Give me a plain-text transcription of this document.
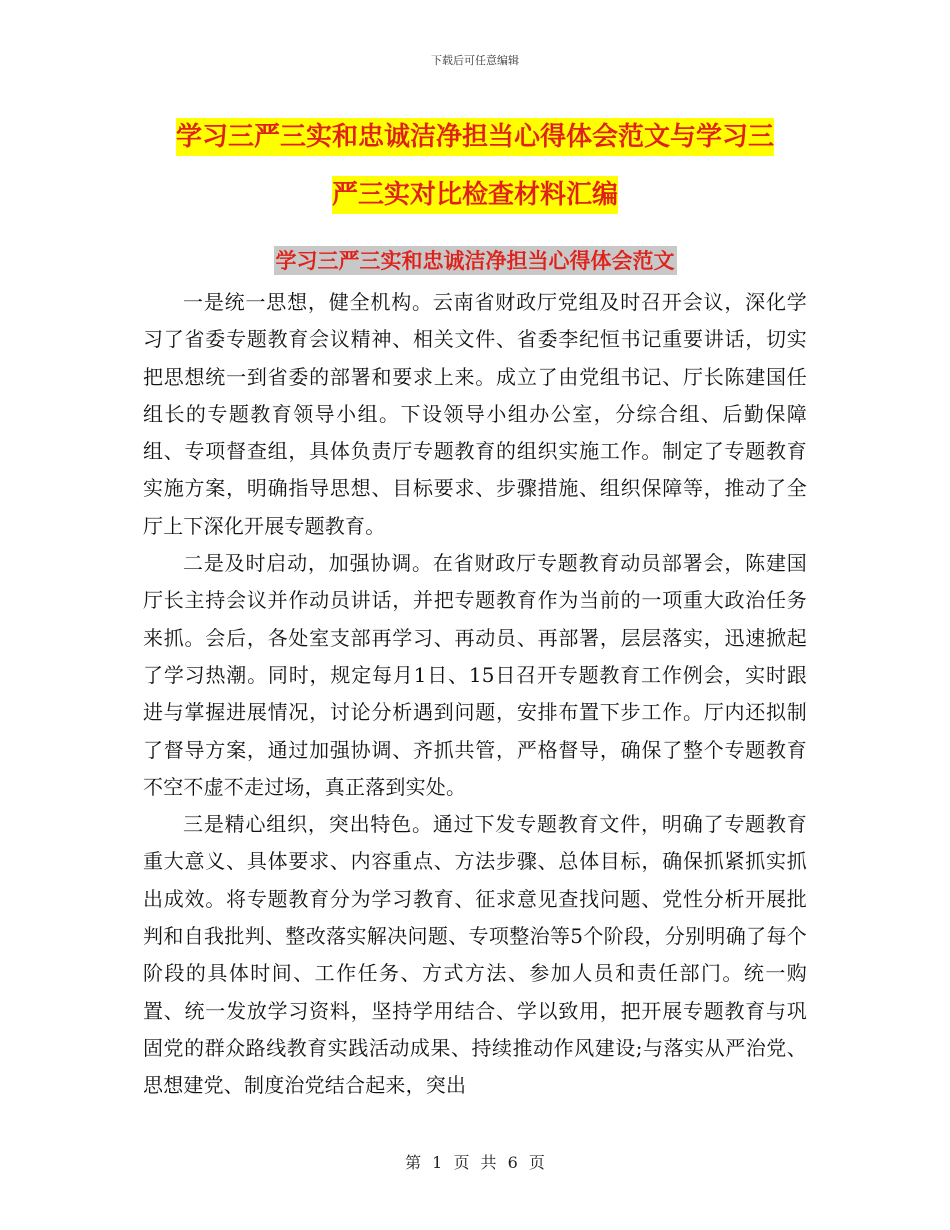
下载后可任意编辑
学习三严三实和忠诚洁净担当心得体会范文与学习三
严三实对比检查材料汇编
学习三严三实和忠诚洁净担当心得体会范文

一是统一思想，健全机构。云南省财政厅党组及时召开会议，深化学习了省委专题教育会议精神、相关文件、省委李纪恒书记重要讲话，切实把思想统一到省委的部署和要求上来。成立了由党组书记、厅长陈建国任组长的专题教育领导小组。下设领导小组办公室，分综合组、后勤保障组、专项督查组，具体负责厅专题教育的组织实施工作。制定了专题教育实施方案，明确指导思想、目标要求、步骤措施、组织保障等，推动了全厅上下深化开展专题教育。

二是及时启动，加强协调。在省财政厅专题教育动员部署会，陈建国厅长主持会议并作动员讲话，并把专题教育作为当前的一项重大政治任务来抓。会后，各处室支部再学习、再动员、再部署，层层落实，迅速掀起了学习热潮。同时，规定每月1日、15日召开专题教育工作例会，实时跟进与掌握进展情况，讨论分析遇到问题，安排布置下步工作。厅内还拟制了督导方案，通过加强协调、齐抓共管，严格督导，确保了整个专题教育不空不虚不走过场，真正落到实处。

三是精心组织，突出特色。通过下发专题教育文件，明确了专题教育重大意义、具体要求、内容重点、方法步骤、总体目标，确保抓紧抓实抓出成效。将专题教育分为学习教育、征求意见查找问题、党性分析开展批判和自我批判、整改落实解决问题、专项整治等5个阶段，分别明确了每个阶段的具体时间、工作任务、方式方法、参加人员和责任部门。统一购置、统一发放学习资料，坚持学用结合、学以致用，把开展专题教育与巩固党的群众路线教育实践活动成果、持续推动作风建设;与落实从严治党、思想建党、制度治党结合起来，突出

第 1 页 共 6 页
